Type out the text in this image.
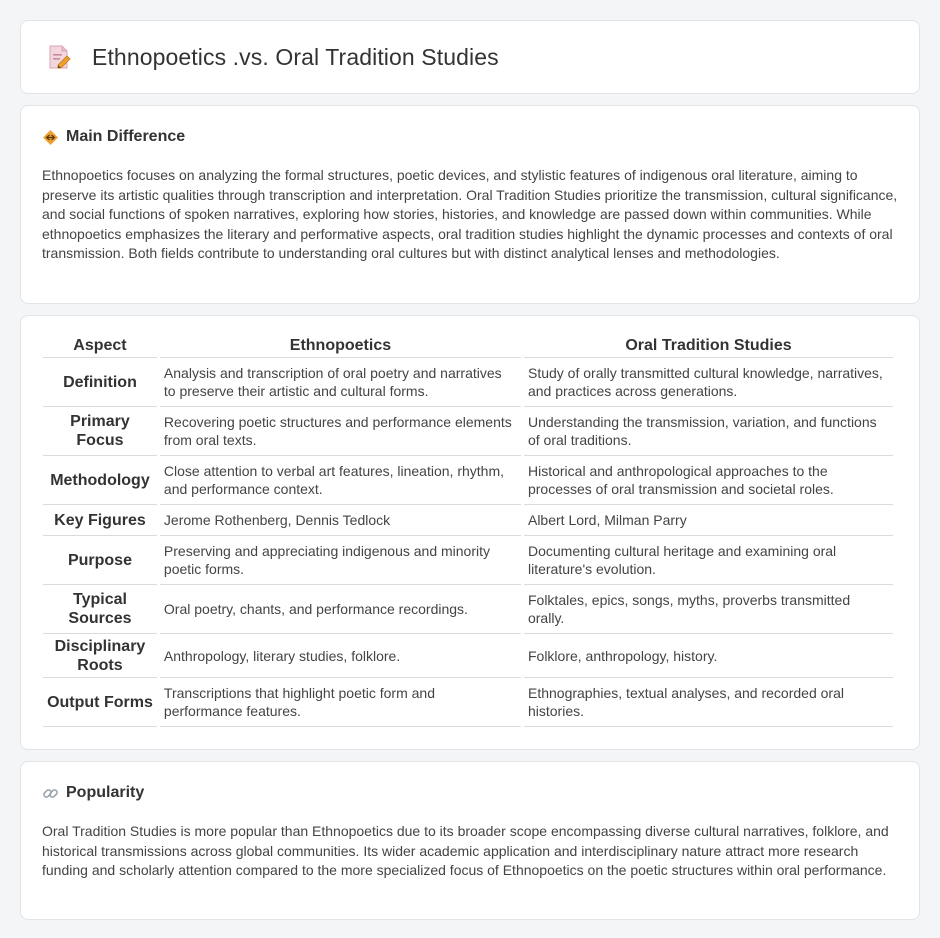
Ethnopoetics .vs. Oral Tradition Studies
Main Difference

Ethnopoetics focuses on analyzing the formal structures, poetic devices, and stylistic features of indigenous oral literature, aiming to preserve its artistic qualities through transcription and interpretation. Oral Tradition Studies prioritize the transmission, cultural significance, and social functions of spoken narratives, exploring how stories, histories, and knowledge are passed down within communities. While ethnopoetics emphasizes the literary and performative aspects, oral tradition studies highlight the dynamic processes and contexts of oral transmission. Both fields contribute to understanding oral cultures but with distinct analytical lenses and methodologies.

Aspect	Ethnopoetics	Oral Tradition Studies
Definition	Analysis and transcription of oral poetry and narratives to preserve their artistic and cultural forms.	Study of orally transmitted cultural knowledge, narratives, and practices across generations.
Primary Focus	Recovering poetic structures and performance elements from oral texts.	Understanding the transmission, variation, and functions of oral traditions.
Methodology	Close attention to verbal art features, lineation, rhythm, and performance context.	Historical and anthropological approaches to the processes of oral transmission and societal roles.
Key Figures	Jerome Rothenberg, Dennis Tedlock	Albert Lord, Milman Parry
Purpose	Preserving and appreciating indigenous and minority poetic forms.	Documenting cultural heritage and examining oral literature's evolution.
Typical Sources	Oral poetry, chants, and performance recordings.	Folktales, epics, songs, myths, proverbs transmitted orally.
Disciplinary Roots	Anthropology, literary studies, folklore.	Folklore, anthropology, history.
Output Forms	Transcriptions that highlight poetic form and performance features.	Ethnographies, textual analyses, and recorded oral histories.
Popularity

Oral Tradition Studies is more popular than Ethnopoetics due to its broader scope encompassing diverse cultural narratives, folklore, and historical transmissions across global communities. Its wider academic application and interdisciplinary nature attract more research funding and scholarly attention compared to the more specialized focus of Ethnopoetics on the poetic structures within oral performance.
